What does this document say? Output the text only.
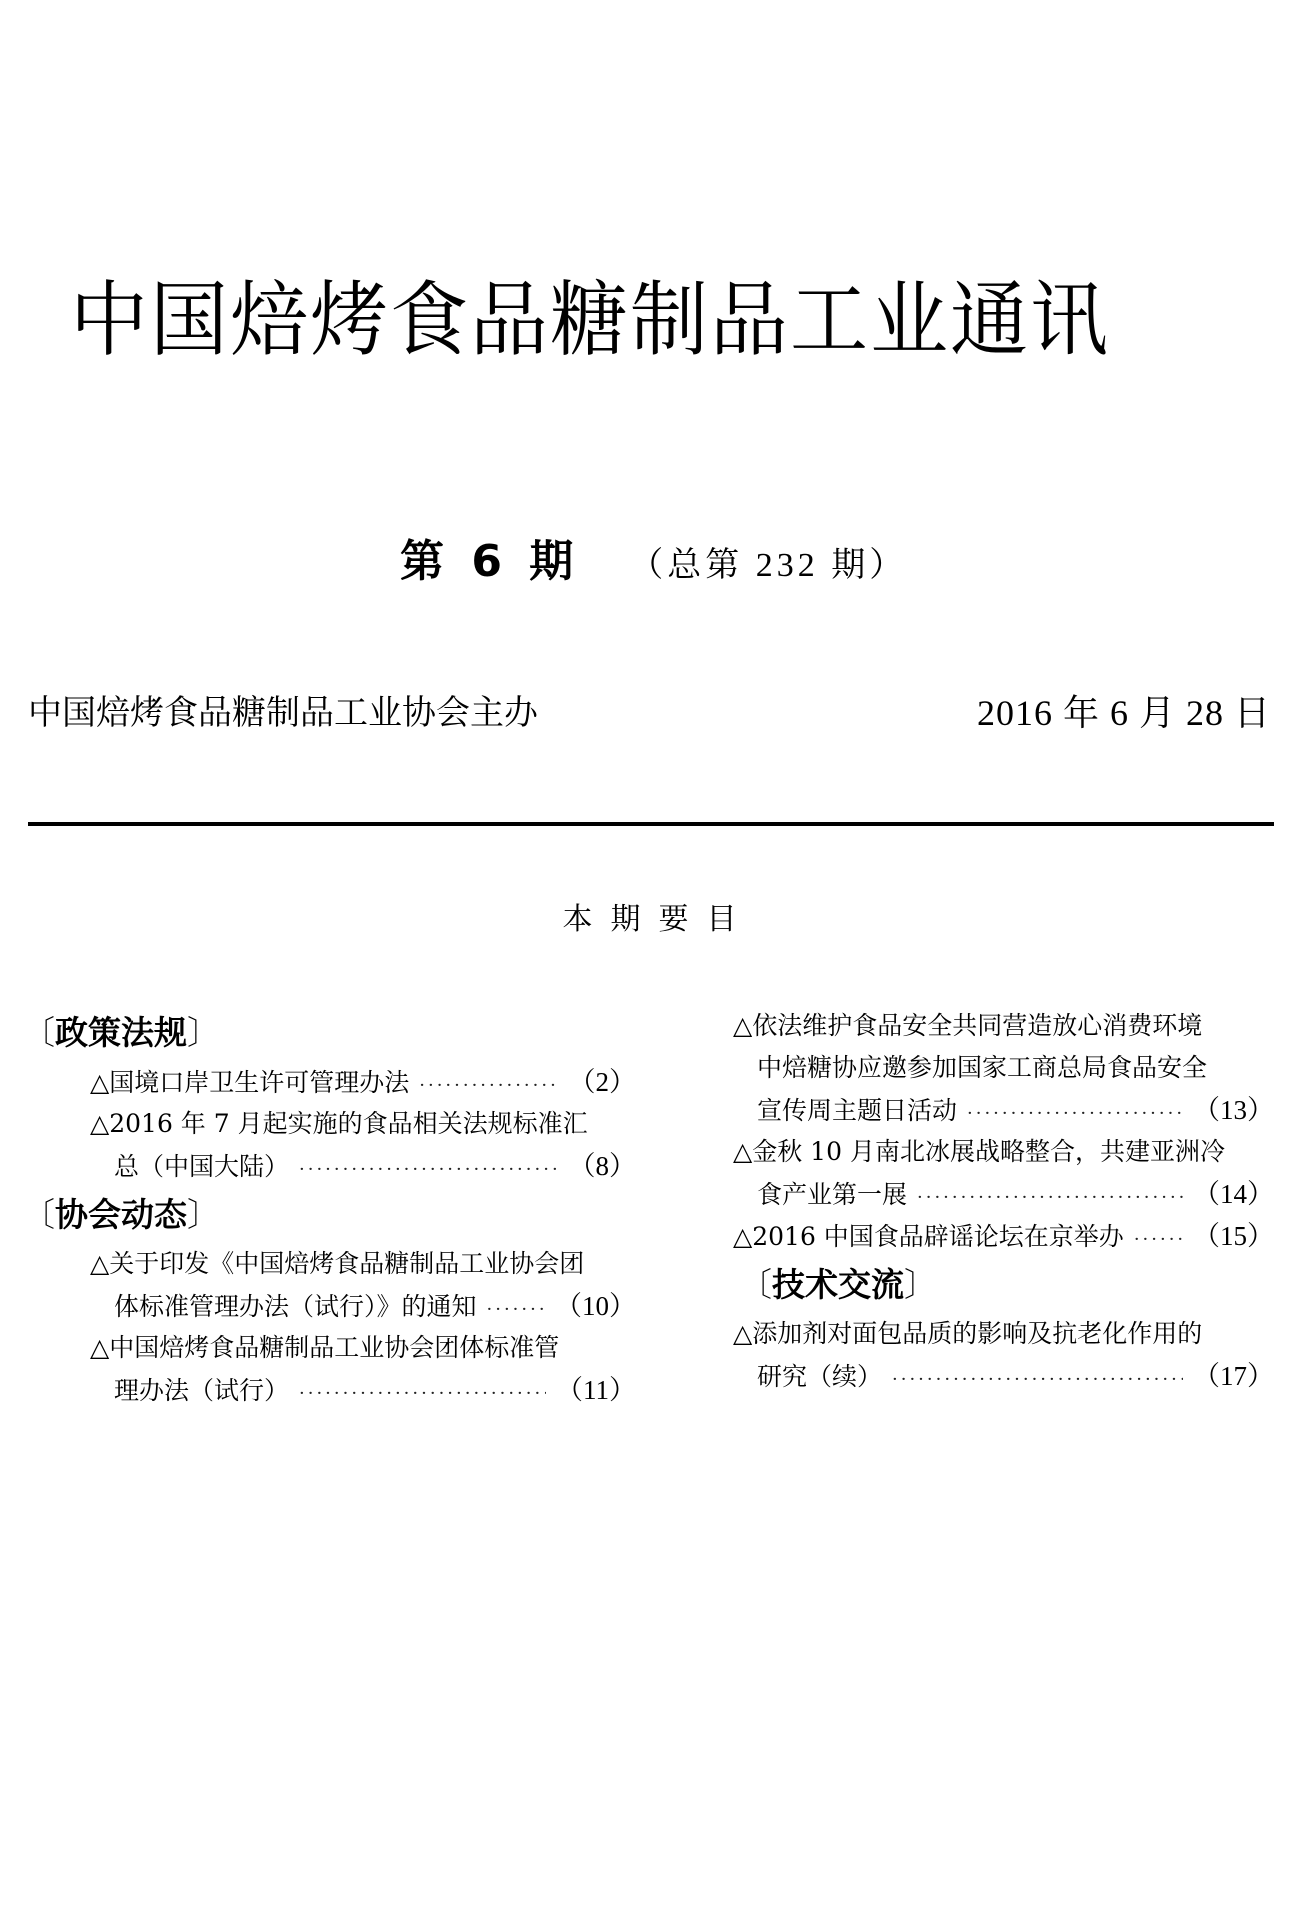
中国焙烤食品糖制品工业通讯
第 6 期 （总第 232 期）
中国焙烤食品糖制品工业协会主办	2016 年 6 月 28 日
本期要目
〔政策法规〕
△ 国境口岸卫生许可管理办法 ·····	（2）
△ 2016 年 7 月起实施的食品相关法规标准汇
总（中国大陆） ·····	（8）
〔协会动态〕
△ 关于印发《中国焙烤食品糖制品工业协会团
体标准管理办法（试行）》的通知 ·····	（10）
△ 中国焙烤食品糖制品工业协会团体标准管
理办法（试行） ·····	（11）
△ 依法维护食品安全共同营造放心消费环境
中焙糖协应邀参加国家工商总局食品安全
宣传周主题日活动 ·····	（13）
△ 金秋 10 月南北冰展战略整合，共建亚洲冷
食产业第一展 ·····	（14）
△ 2016 中国食品辟谣论坛在京举办 ·····	（15）
〔技术交流〕
△ 添加剂对面包品质的影响及抗老化作用的
研究（续） ·····	（17）
